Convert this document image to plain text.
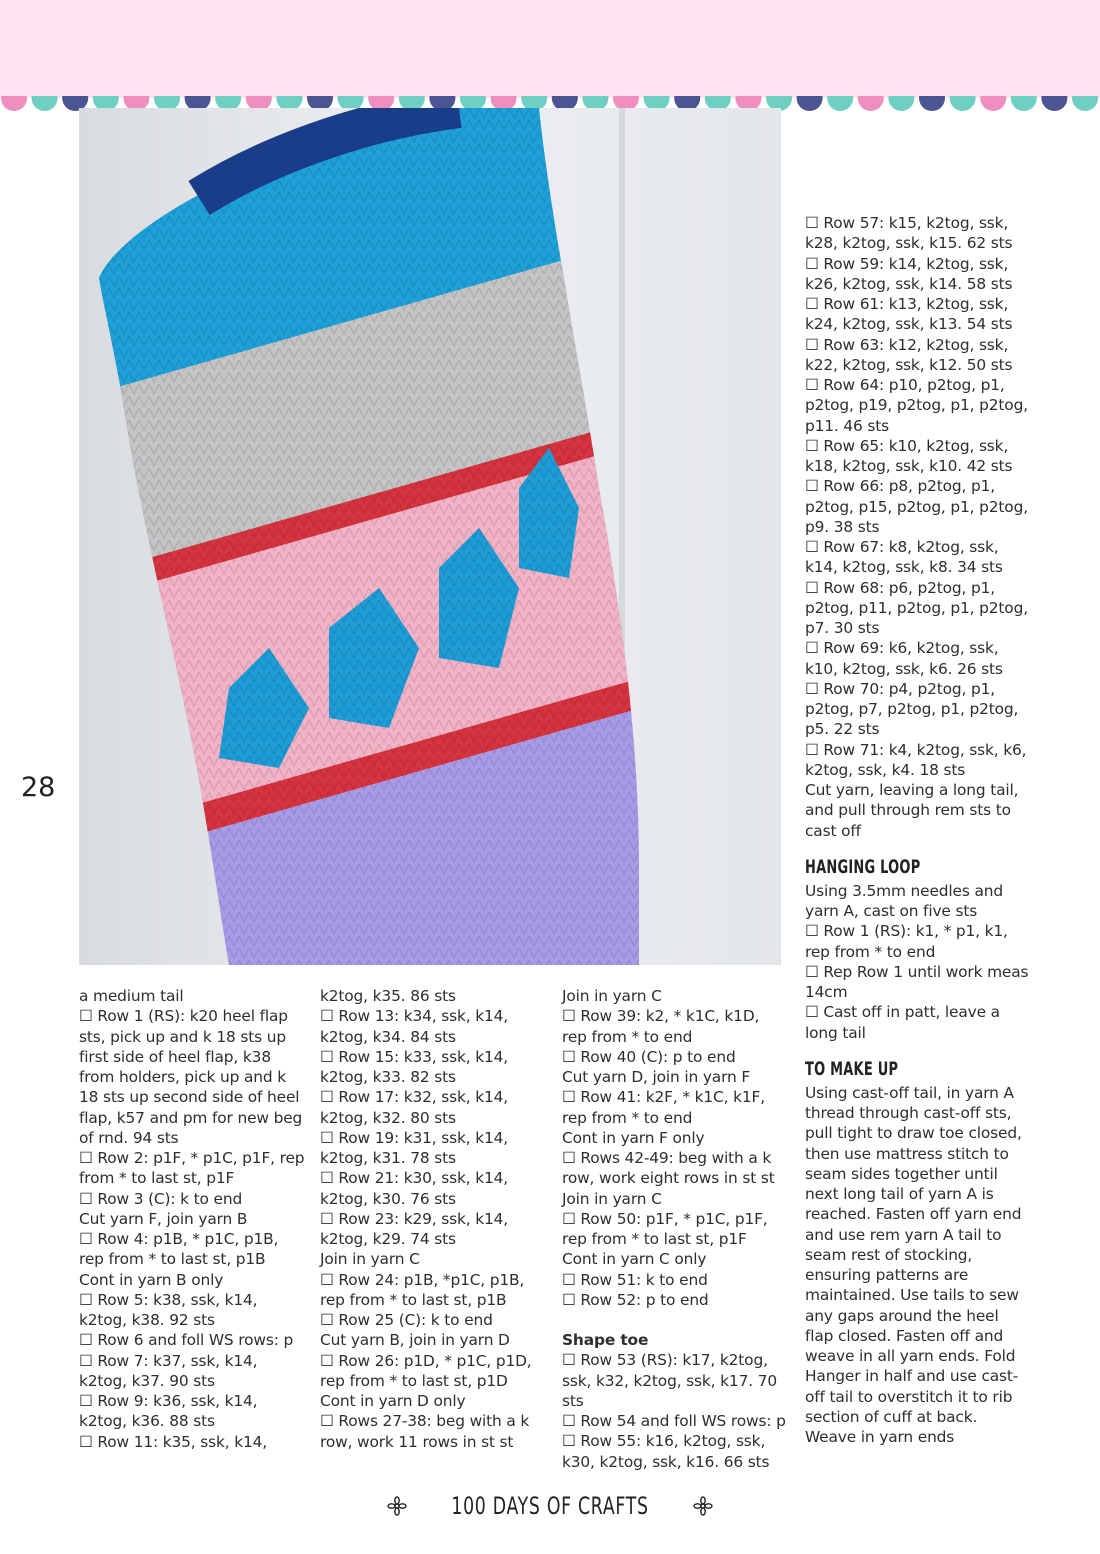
28

a medium tail

☐ Row 1 (RS): k20 heel flap sts, pick up and k 18 sts up first side of heel flap, k38 from holders, pick up and k 18 sts up second side of heel flap, k57 and pm for new beg of rnd. 94 sts

☐ Row 2: p1F, * p1C, p1F, rep from * to last st, p1F

☐ Row 3 (C): k to end

Cut yarn F, join yarn B

☐ Row 4: p1B, * p1C, p1B, rep from * to last st, p1B

Cont in yarn B only

☐ Row 5: k38, ssk, k14, k2tog, k38. 92 sts

☐ Row 6 and foll WS rows: p

☐ Row 7: k37, ssk, k14, k2tog, k37. 90 sts

☐ Row 9: k36, ssk, k14, k2tog, k36. 88 sts

☐ Row 11: k35, ssk, k14,

k2tog, k35. 86 sts

☐ Row 13: k34, ssk, k14, k2tog, k34. 84 sts

☐ Row 15: k33, ssk, k14, k2tog, k33. 82 sts

☐ Row 17: k32, ssk, k14, k2tog, k32. 80 sts

☐ Row 19: k31, ssk, k14, k2tog, k31. 78 sts

☐ Row 21: k30, ssk, k14, k2tog, k30. 76 sts

☐ Row 23: k29, ssk, k14, k2tog, k29. 74 sts

Join in yarn C

☐ Row 24: p1B, *p1C, p1B, rep from * to last st, p1B

☐ Row 25 (C): k to end

Cut yarn B, join in yarn D

☐ Row 26: p1D, * p1C, p1D, rep from * to last st, p1D

Cont in yarn D only

☐ Rows 27-38: beg with a k row, work 11 rows in st st

Join in yarn C

☐ Row 39: k2, * k1C, k1D, rep from * to end

☐ Row 40 (C): p to end

Cut yarn D, join in yarn F

☐ Row 41: k2F, * k1C, k1F, rep from * to end

Cont in yarn F only

☐ Rows 42-49: beg with a k row, work eight rows in st st

Join in yarn C

☐ Row 50: p1F, * p1C, p1F, rep from * to last st, p1F

Cont in yarn C only

☐ Row 51: k to end

☐ Row 52: p to end

Shape toe

☐ Row 53 (RS): k17, k2tog, ssk, k32, k2tog, ssk, k17. 70 sts

☐ Row 54 and foll WS rows: p

☐ Row 55: k16, k2tog, ssk, k30, k2tog, ssk, k16. 66 sts

☐ Row 57: k15, k2tog, ssk, k28, k2tog, ssk, k15. 62 sts

☐ Row 59: k14, k2tog, ssk, k26, k2tog, ssk, k14. 58 sts

☐ Row 61: k13, k2tog, ssk, k24, k2tog, ssk, k13. 54 sts

☐ Row 63: k12, k2tog, ssk, k22, k2tog, ssk, k12. 50 sts

☐ Row 64: p10, p2tog, p1, p2tog, p19, p2tog, p1, p2tog, p11. 46 sts

☐ Row 65: k10, k2tog, ssk, k18, k2tog, ssk, k10. 42 sts

☐ Row 66: p8, p2tog, p1, p2tog, p15, p2tog, p1, p2tog, p9. 38 sts

☐ Row 67: k8, k2tog, ssk, k14, k2tog, ssk, k8. 34 sts

☐ Row 68: p6, p2tog, p1, p2tog, p11, p2tog, p1, p2tog, p7. 30 sts

☐ Row 69: k6, k2tog, ssk, k10, k2tog, ssk, k6. 26 sts

☐ Row 70: p4, p2tog, p1, p2tog, p7, p2tog, p1, p2tog, p5. 22 sts

☐ Row 71: k4, k2tog, ssk, k6, k2tog, ssk, k4. 18 sts

Cut yarn, leaving a long tail, and pull through rem sts to cast off

HANGING LOOP

Using 3.5mm needles and yarn A, cast on five sts

☐ Row 1 (RS): k1, * p1, k1, rep from * to end

☐ Rep Row 1 until work meas 14cm

☐ Cast off in patt, leave a long tail

TO MAKE UP

Using cast-off tail, in yarn A thread through cast-off sts, pull tight to draw toe closed, then use mattress stitch to seam sides together until next long tail of yarn A is reached. Fasten off yarn end and use rem yarn A tail to seam rest of stocking, ensuring patterns are maintained. Use tails to sew any gaps around the heel flap closed. Fasten off and weave in all yarn ends. Fold Hanger in half and use cast-off tail to overstitch it to rib section of cuff at back. Weave in yarn ends

100 DAYS OF CRAFTS
